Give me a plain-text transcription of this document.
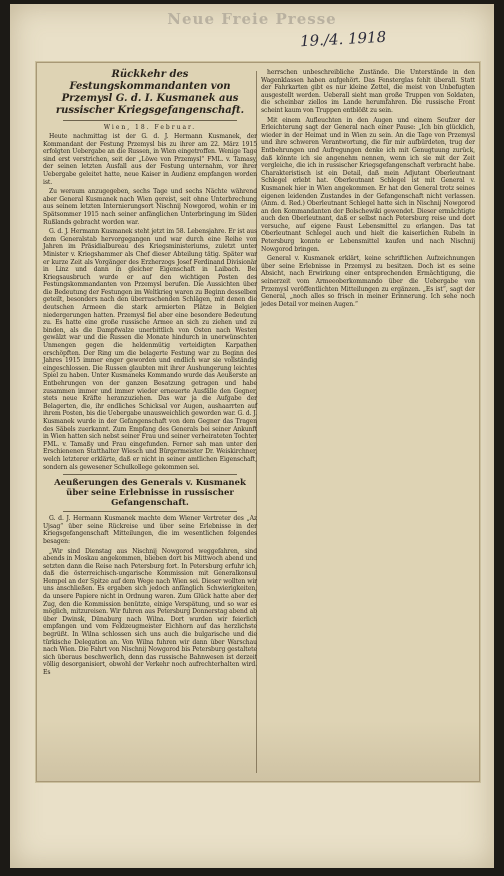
Neue Freie Presse
19./4. 1918
Rückkehr des Festungskommandanten von Przemysl G. d. I. Kusmanek aus russischer Kriegsgefangenschaft.
Wien, 18. Februar.

Heute nachmittag ist der G. d. J. Hermann Kusmanek, der Kommandant der Festung Przemysl bis zu ihrer am 22. März 1915 erfolgten Uebergabe an die Russen, in Wien eingetroffen. Wenige Tage sind erst verstrichen, seit der „Löwe von Przemysl“ FML. v. Tamasy, der seinen letzten Ausfall aus der Festung unternahm, vor ihrer Uebergabe geleitet hatte, neue Kaiser in Audienz empfangen worden ist.

Zu weraum anzugegeben, sechs Tage und sechs Nächte während aber General Kusmanek nach Wien gereist, seit ohne Unterbrechung aus seinem letzten Internierungsort Nischnij Nowgorod, wohin er im Spätsommer 1915 nach seiner anfänglichen Unterbringung im Süden Rußlands gebracht worden war.

G. d. J. Hermann Kusmanek steht jetzt im 58. Lebensjahre. Er ist aus dem Generalstab hervorgegangen und war durch eine Reihe von Jahren im Präsidialbureau des Kriegsministeriums, zuletzt unter Minister v. Kriegshammer als Chef dieser Abteilung tätig. Später war er kurze Zeit als Vorgänger des Erzherzogs Josef Ferdinand Divisionär in Linz und dann in gleicher Eigenschaft in Laibach. Bei Kriegsausbruch wurde er auf den wichtigen Posten des Festungskommandanten von Przemysl berufen. Die Aussichten über die Bedeutung der Festungen im Weltkrieg waren zu Beginn desselben geteilt, besonders nach den überraschenden Schlägen, mit denen die deutschen Armeen die stark armierten Plätze in Belgien niedergerungen hatten. Przemysl fiel aber eine besondere Bedeutung zu. Es hatte eine große russische Armee an sich zu ziehen und zu binden, als die Dampfwalze unerbittlich von Osten nach Westen gewälzt war und die Russen die Monate hindurch in unerwünschten Unmengen gegen die heldenmütig verteidigten Karpathen erschöpften. Der Ring um die belagerte Festung war zu Beginn des Jahres 1915 immer enger geworden und endlich war sie vollständig eingeschlossen. Die Russen glaubten mit ihrer Aushungerung leichtes Spiel zu haben. Unter Kusmaneks Kommando wurde das Aeußerste an Entbehrungen von der ganzen Besatzung getragen und habe zusammen immer und immer wieder erneuerte Ausfälle den Gegner, stets neue Kräfte heranzuziehen. Das war ja die Aufgabe der Belagerten, die, ihr endliches Schicksal vor Augen, aushaarrten auf ihrem Posten, bis die Uebergabe unausweichlich geworden war. G. d. J. Kusmanek wurde in der Gefangenschaft von dem Gegner das Tragen des Säbels zuerkannt. Zum Empfang des Generals bei seiner Ankunft in Wien hatten sich nebst seiner Frau und seiner verheirateten Tochter FML. v. Tamaßy und Frau eingefunden. Ferner sah man unter den Erschienenen Statthalter Wiesch und Bürgermeister Dr. Weiskirchner, welch letzterer erklärte, daß er nicht in seiner amtlichen Eigenschaft, sondern als gewesener Schulkollege gekommen sei.

Aeußerungen des Generals v. Kusmanek über seine Erlebnisse in russischer Gefangenschaft.

G. d. J. Hermann Kusmanek machte dem Wiener Vertreter des „Az Ujsag“ über seine Rückreise und über seine Erlebnisse in der Kriegsgefangenschaft Mitteilungen, die im wesentlichen folgendes besagen:

„Wir sind Dienstag aus Nischnij Nowgorod weggefahren, sind abends in Moskau angekommen, blieben dort bis Mittwoch abend und setzten dann die Reise nach Petersburg fort. In Petersburg erfuhr ich, daß die österreichisch-ungarische Kommission mit Generalkonsul Hempel an der Spitze auf dem Wege nach Wien sei. Dieser wollten wir uns anschließen. Es ergaben sich jedoch anfänglich Schwierigkeiten, da unsere Papiere nicht in Ordnung waren. Zum Glück hatte aber der Zug, den die Kommission benützte, einige Verspätung, und so war es möglich, mitzureisen. Wir fuhren aus Petersburg Donnerstag abend ab über Dwinsk, Dünaburg nach Wilna. Dort wurden wir feierlich empfangen und vom Feldzeugmeister Eichhorn auf das herzlichste begrüßt. In Wilna schlossen sich uns auch die bulgarische und die türkische Delegation an. Von Wilna fuhren wir dann über Warschau nach Wien. Die Fahrt von Nischnij Nowgorod bis Petersburg gestaltete sich überaus beschwerlich, denn das russische Bahnwesen ist derzeit völlig desorganisiert, obwohl der Verkehr noch aufrechterhalten wird. Es

herrschen unbeschreibliche Zustände. Die Unterstände in den Wagenklassen haben aufgehört. Das Fensterglas fehlt überall. Statt der Fahrkarten gibt es nur kleine Zettel, die meist von Unbefugten ausgestellt werden. Ueberall sieht man große Truppen von Soldaten, die scheinbar ziellos im Lande herumfahren. Die russische Front scheint kaum von Truppen entblößt zu sein.

Mit einem Aufleuchten in den Augen und einem Seufzer der Erleichterung sagt der General nach einer Pause: „Ich bin glücklich, wieder in der Heimat und in Wien zu sein. An die Tage von Przemysl und ihre schweren Verantwortung, die für mir aufbürdeten, trug der Entbehrungen und Aufregungen denke ich mit Genugtuung zurück, daß könnte ich sie angenehm nennen, wenn ich sie mit der Zeit vergleiche, die ich in russischer Kriegsgefangenschaft verbracht habe. Charakteristisch ist ein Detail, daß mein Adjutant Oberleutnant Schlegel erlebt hat. Oberleutnant Schlegel ist mit General v. Kusmanek hier in Wien angekommen. Er hat den General trotz seines eigenen leidenden Zustandes in der Gefangenschaft nicht verlassen. (Anm. d. Red.) Oberleutnant Schlegel hatte sich in Nischnij Nowgorod an den Kommandanten der Bolschewiki gewendet. Dieser ermächtigte auch den Oberleutnant, daß er selbst nach Petersburg reise und dort versuche, auf eigene Faust Lebensmittel zu erlangen. Das tat Oberleutnant Schlegel auch und hielt die kaiserlichen Rubeln in Petersburg konnte er Lebensmittel kaufen und nach Nischnij Nowgorod bringen.

General v. Kusmanek erklärt, keine schriftlichen Aufzeichnungen über seine Erlebnisse in Przemysl zu besitzen. Doch ist es seine Absicht, nach Erwirkung einer entsprechenden Ermächtigung, die seinerzeit vom Armeeoberkommando über die Uebergabe von Przemysl veröffentlichten Mitteilungen zu ergänzen. „Es ist“, sagt der General, „noch alles so frisch in meiner Erinnerung. Ich sehe noch jedes Detail vor meinen Augen.“
